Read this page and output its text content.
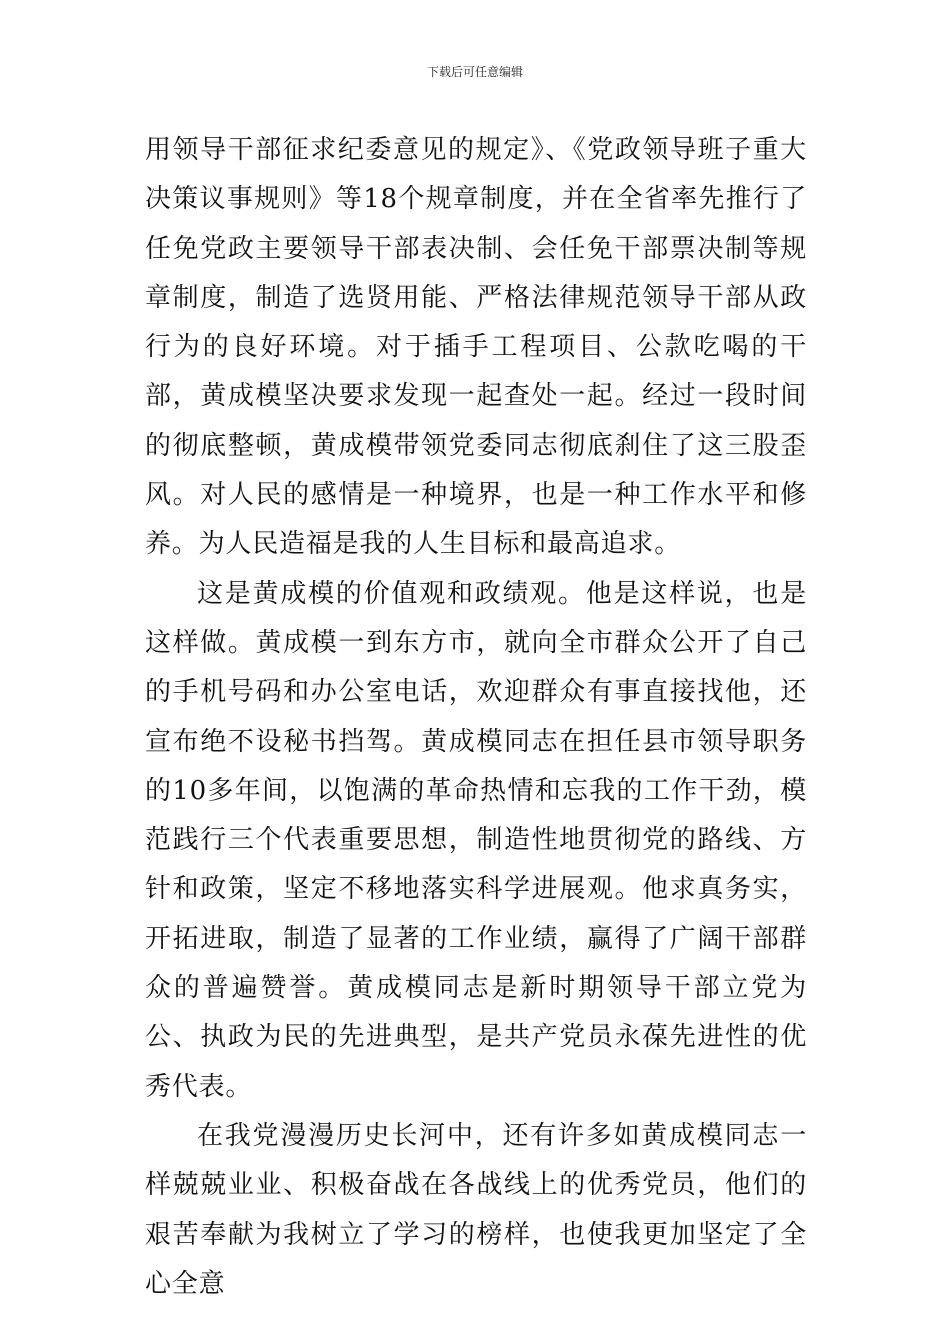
下载后可任意编辑

用领导干部征求纪委意见的规定》、《党政领导班子重大决策议事规则》等18个规章制度，并在全省率先推行了任免党政主要领导干部表决制、会任免干部票决制等规章制度，制造了选贤用能、严格法律规范领导干部从政行为的良好环境。对于插手工程项目、公款吃喝的干部，黄成模坚决要求发现一起查处一起。经过一段时间的彻底整顿，黄成模带领党委同志彻底刹住了这三股歪风。对人民的感情是一种境界，也是一种工作水平和修养。为人民造福是我的人生目标和最高追求。

这是黄成模的价值观和政绩观。他是这样说，也是这样做。黄成模一到东方市，就向全市群众公开了自己的手机号码和办公室电话，欢迎群众有事直接找他，还宣布绝不设秘书挡驾。黄成模同志在担任县市领导职务的10多年间，以饱满的革命热情和忘我的工作干劲，模范践行三个代表重要思想，制造性地贯彻党的路线、方针和政策，坚定不移地落实科学进展观。他求真务实，开拓进取，制造了显著的工作业绩，赢得了广阔干部群众的普遍赞誉。黄成模同志是新时期领导干部立党为公、执政为民的先进典型，是共产党员永葆先进性的优秀代表。

在我党漫漫历史长河中，还有许多如黄成模同志一样兢兢业业、积极奋战在各战线上的优秀党员，他们的艰苦奉献为我树立了学习的榜样，也使我更加坚定了全心全意
